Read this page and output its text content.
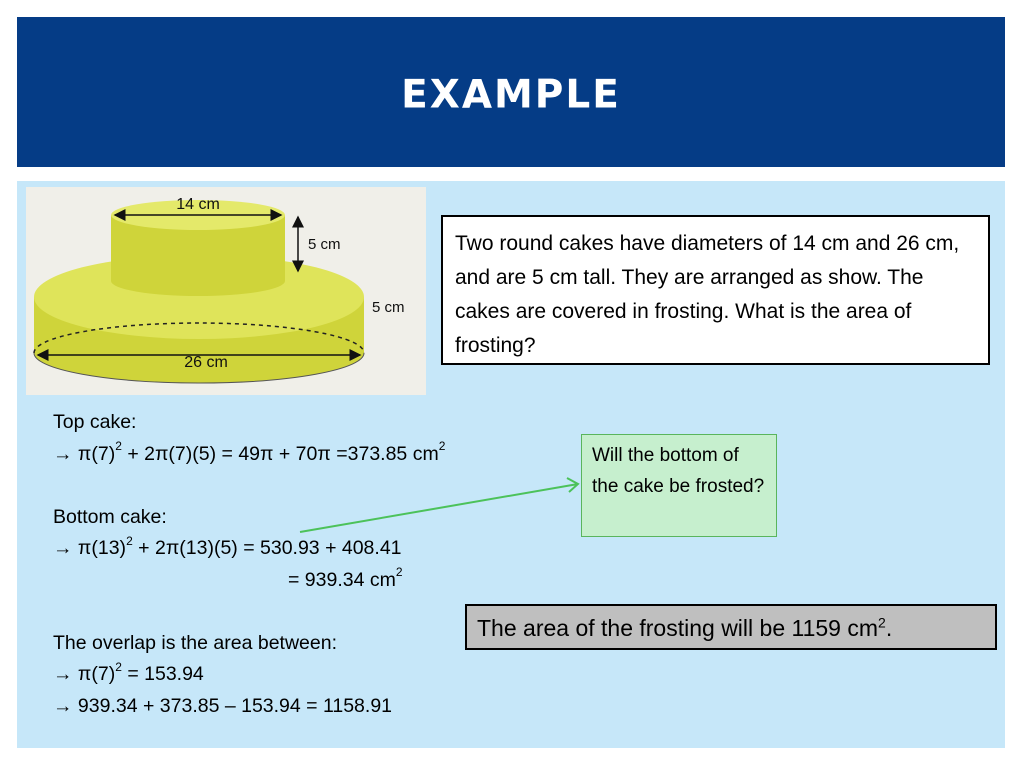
EXAMPLE
14 cm
5 cm
5 cm
26 cm
Two round cakes have diameters of 14 cm and 26 cm, and are 5 cm tall. They are arranged as show. The cakes are covered in frosting. What is the area of frosting?
Top cake:
→ $\pi(7)^2 + 2\pi(7)(5) = 49\pi + 70\pi =373.85$ $cm^2$
Bottom cake:
→ $\pi(13)^2 + 2\pi(13)(5) = 530.93 + 408.41$
= 939.34 $cm^2$
The overlap is the area between:
→ $\pi(7)^2 = 153.94$
→ 939.34 + 373.85 – 153.94 = 1158.91
Will the bottom of the cake be frosted?
The area of the frosting will be 1159 $cm^2$.
